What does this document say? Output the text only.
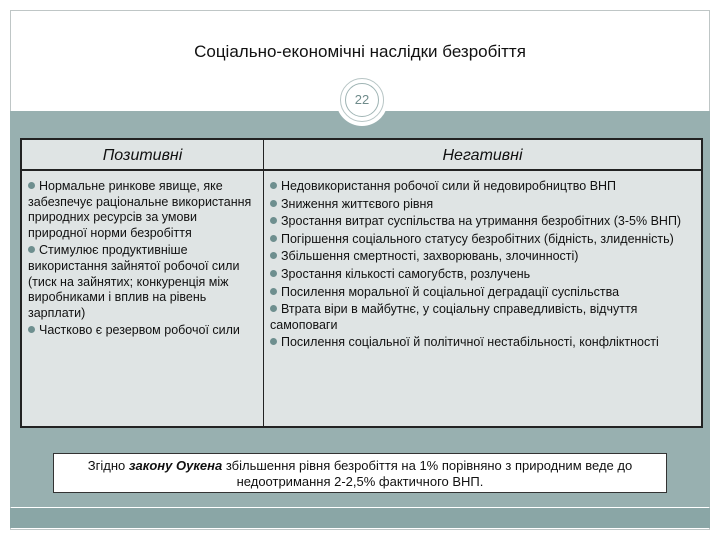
Соціально-економічні наслідки безробіття
22
Позитивні	Негативні
Нормальне ринкове явище, яке забезпечує раціональне використання природних ресурсів за умови природної норми безробіття
Стимулює продуктивніше використання зайнятої робочої сили (тиск на зайнятих; конкуренція між виробниками і вплив на рівень зарплати)
Частково є резервом робочої сили
Недовикористання робочої сили й недовиробництво ВНП
Зниження життєвого рівня
Зростання витрат суспільства на утримання безробітних (3-5% ВНП)
Погіршення соціального статусу безробітних (бідність, злиденність)
Збільшення смертності, захворювань, злочинності)
Зростання кількості самогубств, розлучень
Посилення моральної й соціальної деградації суспільства
Втрата віри в майбутнє, у соціальну справедливість, відчуття самоповаги
Посилення соціальної й політичної нестабільності, конфліктності
Згідно закону Оукена збільшення рівня безробіття на 1% порівняно з природним веде до недоотримання 2-2,5% фактичного ВНП.
